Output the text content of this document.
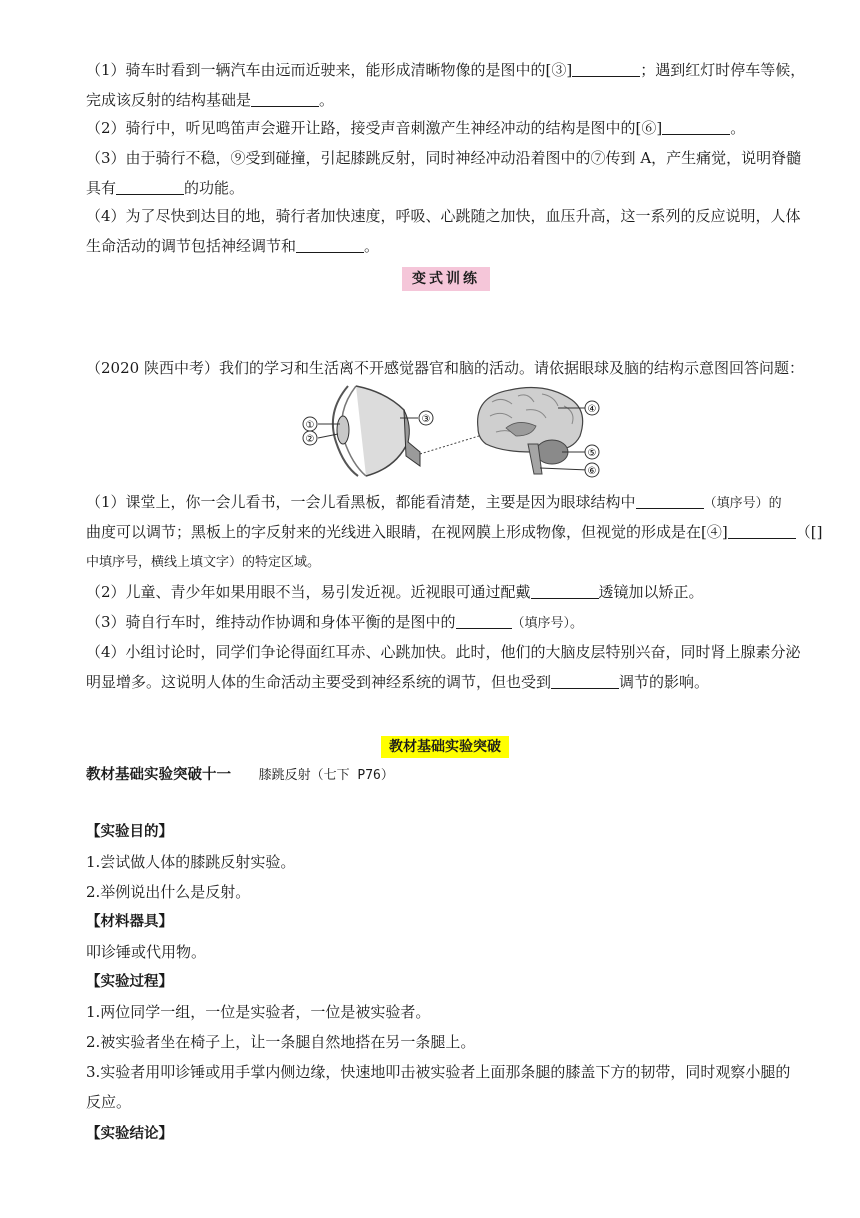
（1）骑车时看到一辆汽车由远而近驶来，能形成清晰物像的是图中的[③]	；遇到红灯时停车等候，
完成该反射的结构基础是	。
（2）骑行中，听见鸣笛声会避开让路，接受声音刺激产生神经冲动的结构是图中的[⑥]	。
（3）由于骑行不稳，⑨受到碰撞，引起膝跳反射，同时神经冲动沿着图中的⑦传到 A，产生痛觉，说明脊髓
具有	的功能。
（4）为了尽快到达目的地，骑行者加快速度，呼吸、心跳随之加快，血压升高，这一系列的反应说明，人体
生命活动的调节包括神经调节和	。
变式训练
（2020 陕西中考）我们的学习和生活离不开感觉器官和脑的活动。请依据眼球及脑的结构示意图回答问题：
①
②
③
④
⑤
⑥
（1）课堂上，你一会儿看书，一会儿看黑板，都能看清楚，主要是因为眼球结构中	（填序号）的
曲度可以调节；黑板上的字反射来的光线进入眼睛，在视网膜上形成物像，但视觉的形成是在[④]	（[]
中填序号，横线上填文字）的特定区域。
（2）儿童、青少年如果用眼不当，易引发近视。近视眼可通过配戴	透镜加以矫正。
（3）骑自行车时，维持动作协调和身体平衡的是图中的	（填序号）。
（4）小组讨论时，同学们争论得面红耳赤、心跳加快。此时，他们的大脑皮层特别兴奋，同时肾上腺素分泌
明显增多。这说明人体的生命活动主要受到神经系统的调节，但也受到	调节的影响。
教材基础实验突破
教材基础实验突破十一 膝跳反射（七下 P76）
【实验目的】
1.尝试做人体的膝跳反射实验。
2.举例说出什么是反射。
【材料器具】
叩诊锤或代用物。
【实验过程】
1.两位同学一组，一位是实验者，一位是被实验者。
2.被实验者坐在椅子上，让一条腿自然地搭在另一条腿上。
3.实验者用叩诊锤或用手掌内侧边缘，快速地叩击被实验者上面那条腿的膝盖下方的韧带，同时观察小腿的
反应。
【实验结论】
